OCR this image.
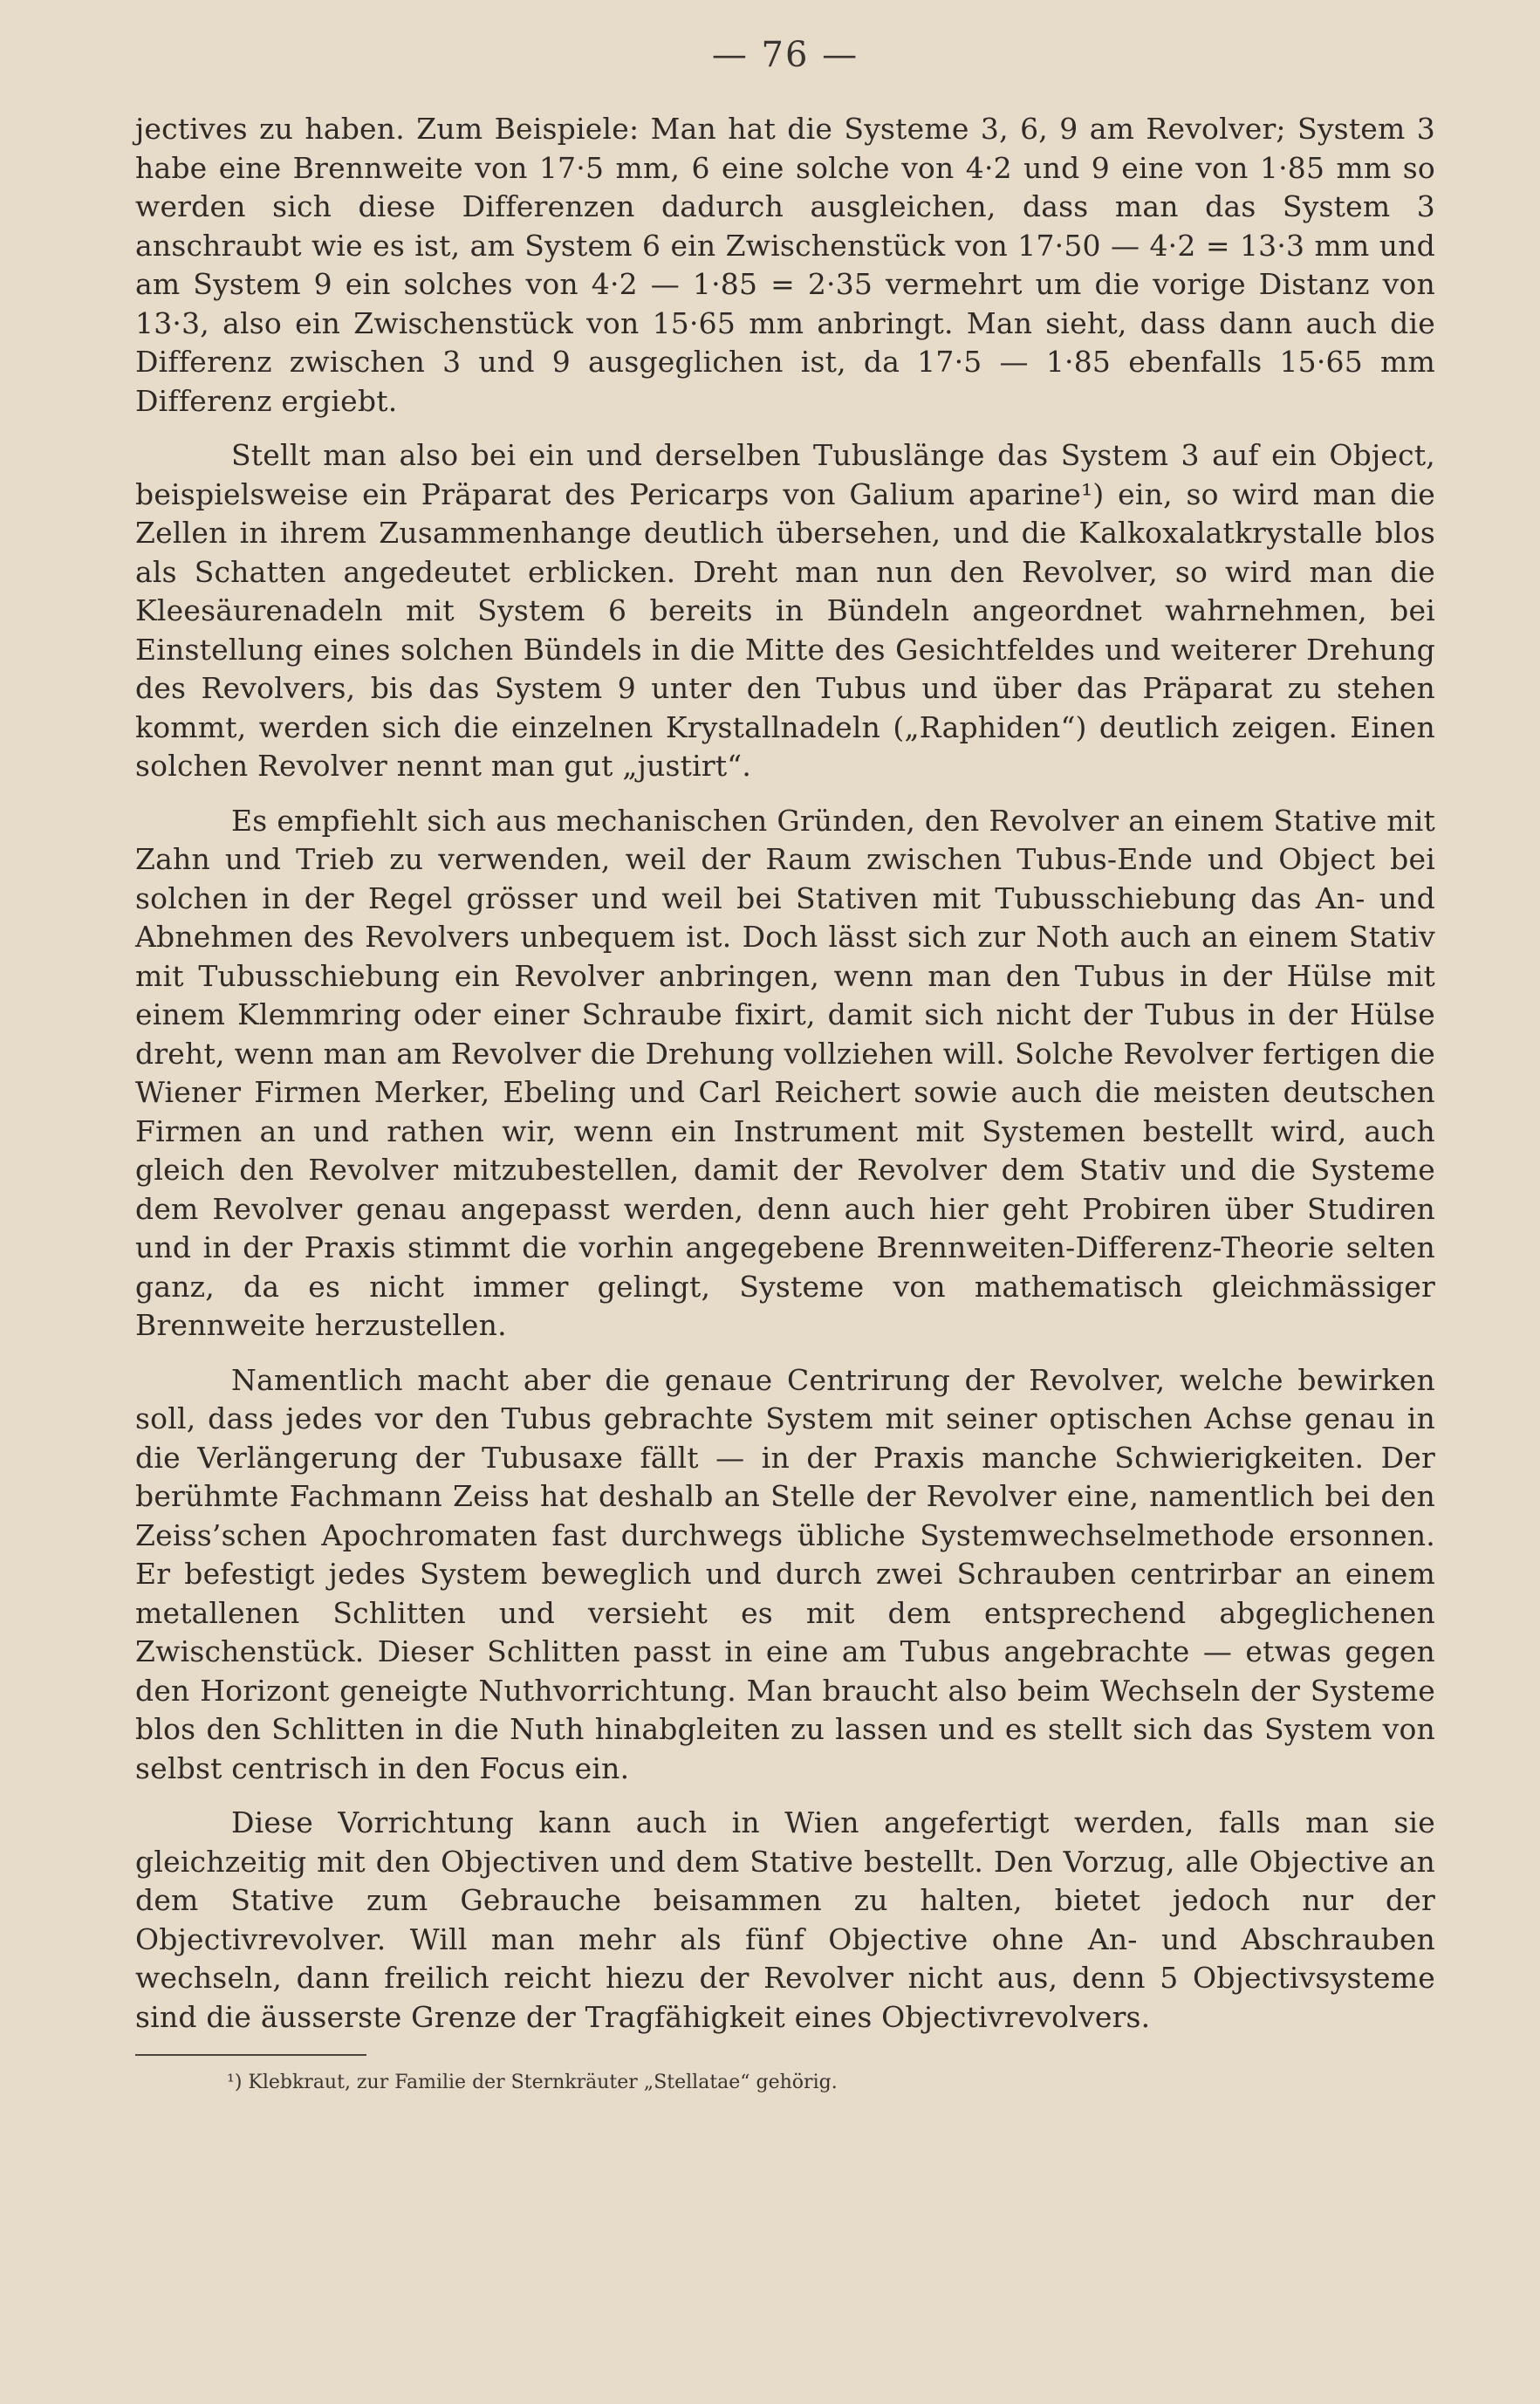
— 76 —

jectives zu haben. Zum Beispiele: Man hat die Systeme 3, 6, 9 am Revolver; System 3 habe eine Brennweite von 17·5 mm, 6 eine solche von 4·2 und 9 eine von 1·85 mm so werden sich diese Differenzen dadurch ausgleichen, dass man das System 3 anschraubt wie es ist, am System 6 ein Zwischenstück von 17·50 — 4·2 = 13·3 mm und am System 9 ein solches von 4·2 — 1·85 = 2·35 vermehrt um die vorige Distanz von 13·3, also ein Zwischenstück von 15·65 mm anbringt. Man sieht, dass dann auch die Differenz zwischen 3 und 9 ausgeglichen ist, da 17·5 — 1·85 ebenfalls 15·65 mm Differenz ergiebt.

Stellt man also bei ein und derselben Tubuslänge das System 3 auf ein Object, beispielsweise ein Präparat des Pericarps von Galium aparine¹) ein, so wird man die Zellen in ihrem Zusammenhange deutlich übersehen, und die Kalkoxalatkrystalle blos als Schatten angedeutet erblicken. Dreht man nun den Revolver, so wird man die Kleesäurenadeln mit System 6 bereits in Bündeln angeordnet wahrnehmen, bei Einstellung eines solchen Bündels in die Mitte des Gesichtfeldes und weiterer Drehung des Revolvers, bis das System 9 unter den Tubus und über das Präparat zu stehen kommt, werden sich die einzelnen Krystallnadeln („Raphiden“) deutlich zeigen. Einen solchen Revolver nennt man gut „justirt“.

Es empfiehlt sich aus mechanischen Gründen, den Revolver an einem Stative mit Zahn und Trieb zu verwenden, weil der Raum zwischen Tubus-Ende und Object bei solchen in der Regel grösser und weil bei Stativen mit Tubusschiebung das An- und Abnehmen des Revolvers unbequem ist. Doch lässt sich zur Noth auch an einem Stativ mit Tubusschiebung ein Revolver anbringen, wenn man den Tubus in der Hülse mit einem Klemmring oder einer Schraube fixirt, damit sich nicht der Tubus in der Hülse dreht, wenn man am Revolver die Drehung vollziehen will. Solche Revolver fertigen die Wiener Firmen Merker, Ebeling und Carl Reichert sowie auch die meisten deutschen Firmen an und rathen wir, wenn ein Instrument mit Systemen bestellt wird, auch gleich den Revolver mitzubestellen, damit der Revolver dem Stativ und die Systeme dem Revolver genau angepasst werden, denn auch hier geht Probiren über Studiren und in der Praxis stimmt die vorhin angegebene Brennweiten-Differenz-Theorie selten ganz, da es nicht immer gelingt, Systeme von mathematisch gleichmässiger Brennweite herzustellen.

Namentlich macht aber die genaue Centrirung der Revolver, welche bewirken soll, dass jedes vor den Tubus gebrachte System mit seiner optischen Achse genau in die Verlängerung der Tubusaxe fällt — in der Praxis manche Schwierigkeiten. Der berühmte Fachmann Zeiss hat deshalb an Stelle der Revolver eine, namentlich bei den Zeiss’schen Apochromaten fast durchwegs übliche Systemwechselmethode ersonnen. Er befestigt jedes System beweglich und durch zwei Schrauben centrirbar an einem metallenen Schlitten und versieht es mit dem entsprechend abgeglichenen Zwischenstück. Dieser Schlitten passt in eine am Tubus angebrachte — etwas gegen den Horizont geneigte Nuthvorrichtung. Man braucht also beim Wechseln der Systeme blos den Schlitten in die Nuth hinabgleiten zu lassen und es stellt sich das System von selbst centrisch in den Focus ein.

Diese Vorrichtung kann auch in Wien angefertigt werden, falls man sie gleichzeitig mit den Objectiven und dem Stative bestellt. Den Vorzug, alle Objective an dem Stative zum Gebrauche beisammen zu halten, bietet jedoch nur der Objectivrevolver. Will man mehr als fünf Objective ohne An- und Abschrauben wechseln, dann freilich reicht hiezu der Revolver nicht aus, denn 5 Objectivsysteme sind die äusserste Grenze der Tragfähigkeit eines Objectivrevolvers.

¹) Klebkraut, zur Familie der Sternkräuter „Stellatae“ gehörig.
